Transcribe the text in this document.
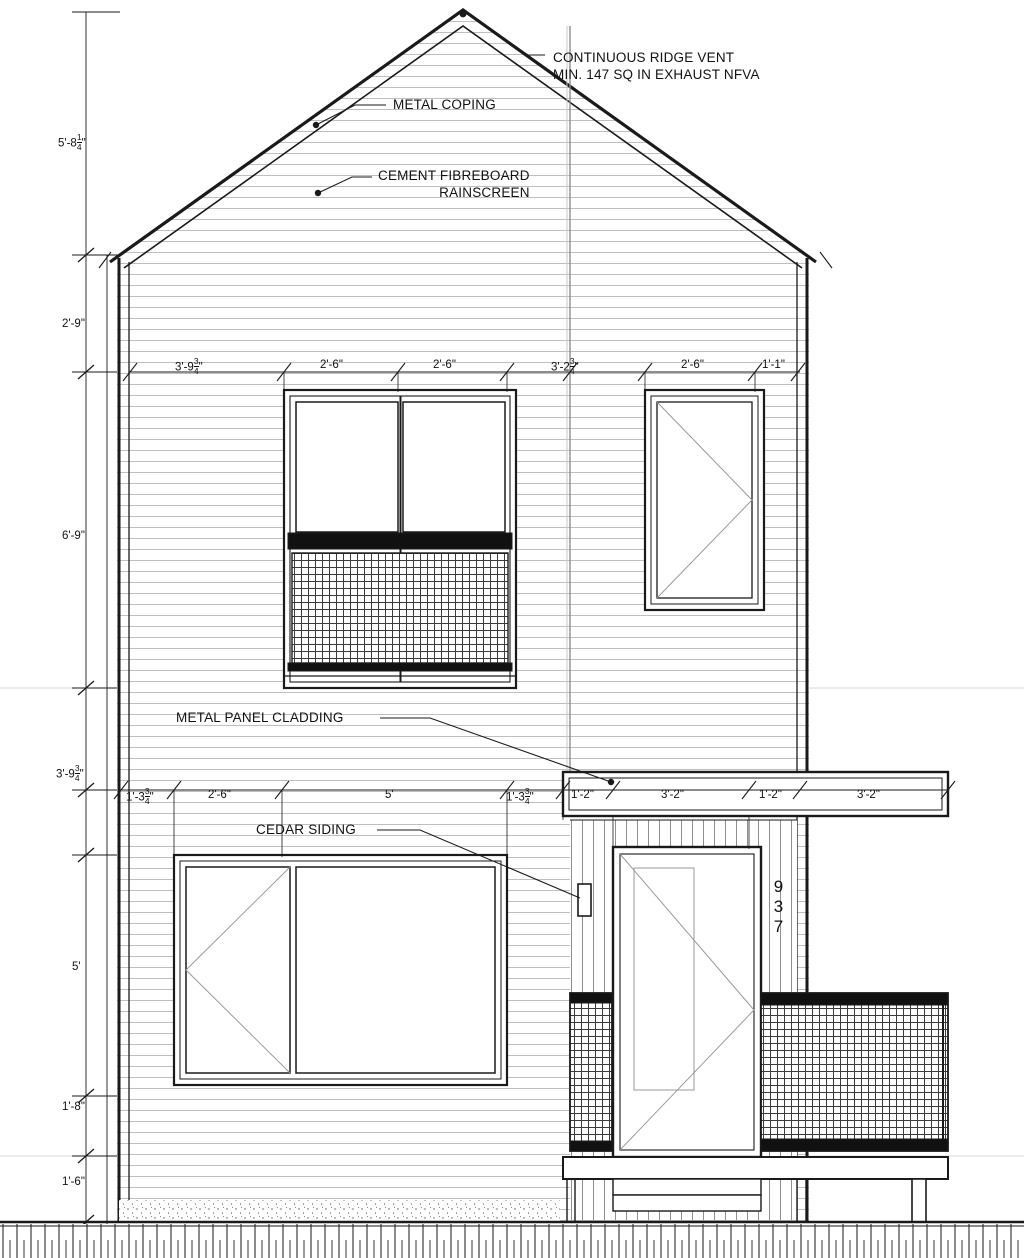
CONTINUOUS RIDGE VENT
MIN. 147 SQ IN EXHAUST NFVA
METAL COPING
CEMENT FIBREBOARD
RAINSCREEN
METAL PANEL CLADDING
CEDAR SIDING
937
$5'-8 \frac{1}{4}$ "
2'-9"
6'-9"
$3'-9 \frac{3}{4}$ "
5'
1'-8"
1'-6"
$3'-9 \frac{3}{4}$ "	2'-6"	2'-6"	$3'-2 \frac{3}{4}$ "	2'-6"	1'-1"
$1'-3 \frac{3}{4}$ "	2'-6"	5'	$1'-3 \frac{3}{4}$ "	1'-2"	3'-2"	1'-2"	3'-2"
